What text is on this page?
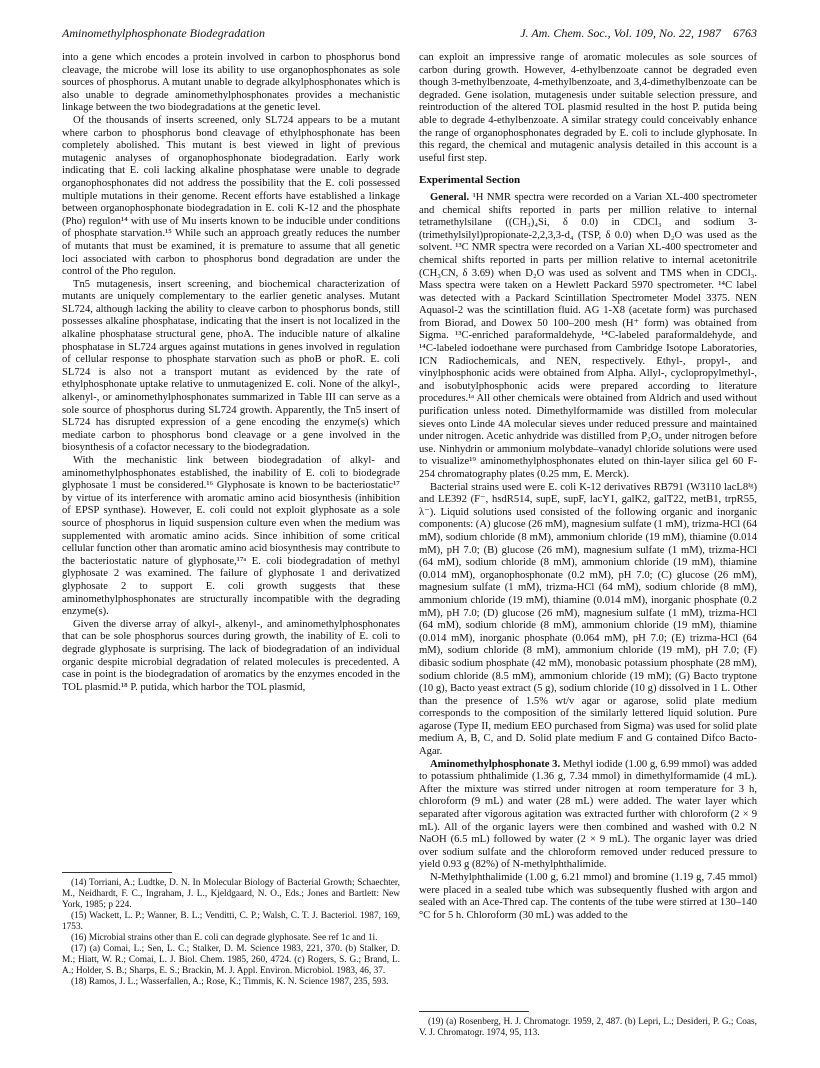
Aminomethylphosphonate Biodegradation	J. Am. Chem. Soc., Vol. 109, No. 22, 1987 6763

into a gene which encodes a protein involved in carbon to phosphorus bond cleavage, the microbe will lose its ability to use organophosphonates as sole sources of phosphorus. A mutant unable to degrade alkylphosphonates which is also unable to degrade aminomethylphosphonates provides a mechanistic linkage between the two biodegradations at the genetic level.

Of the thousands of inserts screened, only SL724 appears to be a mutant where carbon to phosphorus bond cleavage of ethylphosphonate has been completely abolished. This mutant is best viewed in light of previous mutagenic analyses of organophosphonate biodegradation. Early work indicating that E. coli lacking alkaline phosphatase were unable to degrade organophosphonates did not address the possibility that the E. coli possessed multiple mutations in their genome. Recent efforts have established a linkage between organophosphonate biodegradation in E. coli K-12 and the phosphate (Pho) regulon¹⁴ with use of Mu inserts known to be inducible under conditions of phosphate starvation.¹⁵ While such an approach greatly reduces the number of mutants that must be examined, it is premature to assume that all genetic loci associated with carbon to phosphorus bond degradation are under the control of the Pho regulon.

Tn5 mutagenesis, insert screening, and biochemical characterization of mutants are uniquely complementary to the earlier genetic analyses. Mutant SL724, although lacking the ability to cleave carbon to phosphorus bonds, still possesses alkaline phosphatase, indicating that the insert is not localized in the alkaline phosphatase structural gene, phoA. The inducible nature of alkaline phosphatase in SL724 argues against mutations in genes involved in regulation of cellular response to phosphate starvation such as phoB or phoR. E. coli SL724 is also not a transport mutant as evidenced by the rate of ethylphosphonate uptake relative to unmutagenized E. coli. None of the alkyl-, alkenyl-, or aminomethylphosphonates summarized in Table III can serve as a sole source of phosphorus during SL724 growth. Apparently, the Tn5 insert of SL724 has disrupted expression of a gene encoding the enzyme(s) which mediate carbon to phosphorus bond cleavage or a gene involved in the biosynthesis of a cofactor necessary to the biodegradation.

With the mechanistic link between biodegradation of alkyl- and aminomethylphosphonates established, the inability of E. coli to biodegrade glyphosate 1 must be considered.¹⁶ Glyphosate is known to be bacteriostatic¹⁷ by virtue of its interference with aromatic amino acid biosynthesis (inhibition of EPSP synthase). However, E. coli could not exploit glyphosate as a sole source of phosphorus in liquid suspension culture even when the medium was supplemented with aromatic amino acids. Since inhibition of some critical cellular function other than aromatic amino acid biosynthesis may contribute to the bacteriostatic nature of glyphosate,¹⁷ᵃ E. coli biodegradation of methyl glyphosate 2 was examined. The failure of glyphosate 1 and derivatized glyphosate 2 to support E. coli growth suggests that these aminomethylphosphonates are structurally incompatible with the degrading enzyme(s).

Given the diverse array of alkyl-, alkenyl-, and aminomethylphosphonates that can be sole phosphorus sources during growth, the inability of E. coli to degrade glyphosate is surprising. The lack of biodegradation of an individual organic despite microbial degradation of related molecules is precedented. A case in point is the biodegradation of aromatics by the enzymes encoded in the TOL plasmid.¹⁸ P. putida, which harbor the TOL plasmid,

(14) Torriani, A.; Ludtke, D. N. In Molecular Biology of Bacterial Growth; Schaechter, M., Neidhardt, F. C., Ingraham, J. L., Kjeldgaard, N. O., Eds.; Jones and Bartlett: New York, 1985; p 224.

(15) Wackett, L. P.; Wanner, B. L.; Venditti, C. P.; Walsh, C. T. J. Bacteriol. 1987, 169, 1753.

(16) Microbial strains other than E. coli can degrade glyphosate. See ref 1c and 1i.

(17) (a) Comai, L.; Sen, L. C.; Stalker, D. M. Science 1983, 221, 370. (b) Stalker, D. M.; Hiatt, W. R.; Comai, L. J. Biol. Chem. 1985, 260, 4724. (c) Rogers, S. G.; Brand, L. A.; Holder, S. B.; Sharps, E. S.; Brackin, M. J. Appl. Environ. Microbiol. 1983, 46, 37.

(18) Ramos, J. L.; Wasserfallen, A.; Rose, K.; Timmis, K. N. Science 1987, 235, 593.

can exploit an impressive range of aromatic molecules as sole sources of carbon during growth. However, 4-ethylbenzoate cannot be degraded even though 3-methylbenzoate, 4-methylbenzoate, and 3,4-dimethylbenzoate can be degraded. Gene isolation, mutagenesis under suitable selection pressure, and reintroduction of the altered TOL plasmid resulted in the host P. putida being able to degrade 4-ethylbenzoate. A similar strategy could conceivably enhance the range of organophosphonates degraded by E. coli to include glyphosate. In this regard, the chemical and mutagenic analysis detailed in this account is a useful first step.

Experimental Section

General. ¹H NMR spectra were recorded on a Varian XL-400 spectrometer and chemical shifts reported in parts per million relative to internal tetramethylsilane ((CH₃)₄Si, δ 0.0) in CDCl₃ and sodium 3-(trimethylsilyl)propionate-2,2,3,3-d₄ (TSP, δ 0.0) when D₂O was used as the solvent. ¹³C NMR spectra were recorded on a Varian XL-400 spectrometer and chemical shifts reported in parts per million relative to internal acetonitrile (CH₃CN, δ 3.69) when D₂O was used as solvent and TMS when in CDCl₃. Mass spectra were taken on a Hewlett Packard 5970 spectrometer. ¹⁴C label was detected with a Packard Scintillation Spectrometer Model 3375. NEN Aquasol-2 was the scintillation fluid. AG 1-X8 (acetate form) was purchased from Biorad, and Dowex 50 100–200 mesh (H⁺ form) was obtained from Sigma. ¹³C-enriched paraformaldehyde, ¹⁴C-labeled paraformaldehyde, and ¹⁴C-labeled iodoethane were purchased from Cambridge Isotope Laboratories, ICN Radiochemicals, and NEN, respectively. Ethyl-, propyl-, and vinylphosphonic acids were obtained from Alpha. Allyl-, cyclopropylmethyl-, and isobutylphosphonic acids were prepared according to literature procedures.¹ᵃ All other chemicals were obtained from Aldrich and used without purification unless noted. Dimethylformamide was distilled from molecular sieves onto Linde 4A molecular sieves under reduced pressure and maintained under nitrogen. Acetic anhydride was distilled from P₂O₅ under nitrogen before use. Ninhydrin or ammonium molybdate–vanadyl chloride solutions were used to visualize¹⁹ aminomethylphosphonates eluted on thin-layer silica gel 60 F-254 chromatography plates (0.25 mm, E. Merck).

Bacterial strains used were E. coli K-12 derivatives RB791 (W3110 lacL8ᴵᵍ) and LE392 (F⁻, hsdR514, supE, supF, lacY1, galK2, galT22, metB1, trpR55, λ⁻). Liquid solutions used consisted of the following organic and inorganic components: (A) glucose (26 mM), magnesium sulfate (1 mM), trizma-HCl (64 mM), sodium chloride (8 mM), ammonium chloride (19 mM), thiamine (0.014 mM), pH 7.0; (B) glucose (26 mM), magnesium sulfate (1 mM), trizma-HCl (64 mM), sodium chloride (8 mM), ammonium chloride (19 mM), thiamine (0.014 mM), organophosphonate (0.2 mM), pH 7.0; (C) glucose (26 mM), magnesium sulfate (1 mM), trizma-HCl (64 mM), sodium chloride (8 mM), ammonium chloride (19 mM), thiamine (0.014 mM), inorganic phosphate (0.2 mM), pH 7.0; (D) glucose (26 mM), magnesium sulfate (1 mM), trizma-HCl (64 mM), sodium chloride (8 mM), ammonium chloride (19 mM), thiamine (0.014 mM), inorganic phosphate (0.064 mM), pH 7.0; (E) trizma-HCl (64 mM), sodium chloride (8 mM), ammonium chloride (19 mM), pH 7.0; (F) dibasic sodium phosphate (42 mM), monobasic potassium phosphate (28 mM), sodium chloride (8.5 mM), ammonium chloride (19 mM); (G) Bacto tryptone (10 g), Bacto yeast extract (5 g), sodium chloride (10 g) dissolved in 1 L. Other than the presence of 1.5% wt/v agar or agarose, solid plate medium corresponds to the composition of the similarly lettered liquid solution. Pure agarose (Type II, medium EEO purchased from Sigma) was used for solid plate medium A, B, C, and D. Solid plate medium F and G contained Difco Bacto-Agar.

Aminomethylphosphonate 3. Methyl iodide (1.00 g, 6.99 mmol) was added to potassium phthalimide (1.36 g, 7.34 mmol) in dimethylformamide (4 mL). After the mixture was stirred under nitrogen at room temperature for 3 h, chloroform (9 mL) and water (28 mL) were added. The water layer which separated after vigorous agitation was extracted further with chloroform (2 × 9 mL). All of the organic layers were then combined and washed with 0.2 N NaOH (6.5 mL) followed by water (2 × 9 mL). The organic layer was dried over sodium sulfate and the chloroform removed under reduced pressure to yield 0.93 g (82%) of N-methylphthalimide.

N-Methylphthalimide (1.00 g, 6.21 mmol) and bromine (1.19 g, 7.45 mmol) were placed in a sealed tube which was subsequently flushed with argon and sealed with an Ace-Thred cap. The contents of the tube were stirred at 130–140 °C for 5 h. Chloroform (30 mL) was added to the

(19) (a) Rosenberg, H. J. Chromatogr. 1959, 2, 487. (b) Lepri, L.; Desideri, P. G.; Coas, V. J. Chromatogr. 1974, 95, 113.
